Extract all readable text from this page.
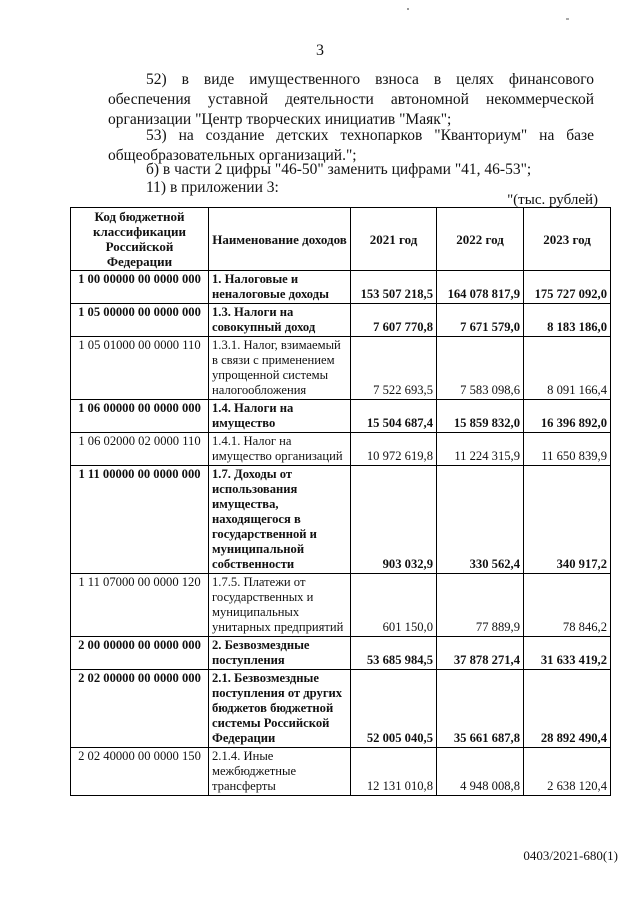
3
52) в виде имущественного взноса в целях финансового обеспечения уставной деятельности автономной некоммерческой организации "Центр творческих инициатив "Маяк";
53) на создание детских технопарков "Кванториум" на базе общеобразовательных организаций.";
б) в части 2 цифры "46-50" заменить цифрами "41, 46-53";
11) в приложении 3:
"(тыс. рублей)
Код бюджетной классификации Российской Федерации	Наименование доходов	2021 год	2022 год	2023 год
1 00 00000 00 0000 000	1. Налоговые и неналоговые доходы	153 507 218,5	164 078 817,9	175 727 092,0
1 05 00000 00 0000 000	1.3. Налоги на совокупный доход	7 607 770,8	7 671 579,0	8 183 186,0
1 05 01000 00 0000 110	1.3.1. Налог, взимаемый в связи с применением упрощенной системы налогообложения	7 522 693,5	7 583 098,6	8 091 166,4
1 06 00000 00 0000 000	1.4. Налоги на имущество	15 504 687,4	15 859 832,0	16 396 892,0
1 06 02000 02 0000 110	1.4.1. Налог на имущество организаций	10 972 619,8	11 224 315,9	11 650 839,9
1 11 00000 00 0000 000	1.7. Доходы от использования имущества, находящегося в государственной и муниципальной собственности	903 032,9	330 562,4	340 917,2
1 11 07000 00 0000 120	1.7.5. Платежи от государственных и муниципальных унитарных предприятий	601 150,0	77 889,9	78 846,2
2 00 00000 00 0000 000	2. Безвозмездные поступления	53 685 984,5	37 878 271,4	31 633 419,2
2 02 00000 00 0000 000	2.1. Безвозмездные поступления от других бюджетов бюджетной системы Российской Федерации	52 005 040,5	35 661 687,8	28 892 490,4
2 02 40000 00 0000 150	2.1.4. Иные межбюджетные трансферты	12 131 010,8	4 948 008,8	2 638 120,4
0403/2021-680(1)
